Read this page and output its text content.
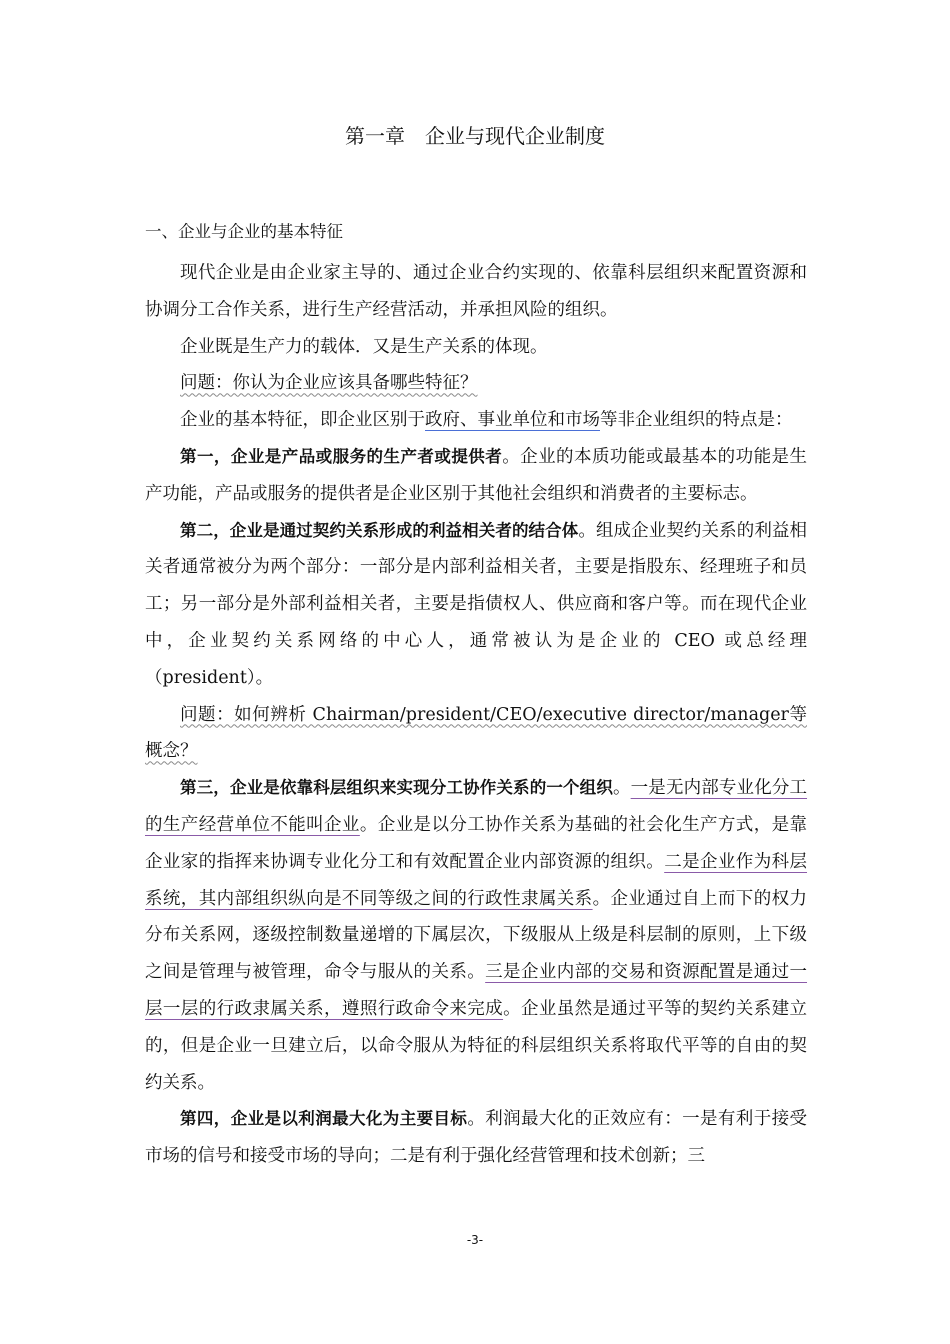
第一章　企业与现代企业制度
一、企业与企业的基本特征

现代企业是由企业家主导的、通过企业合约实现的、依靠科层组织来配置资源和协调分工合作关系，进行生产经营活动，并承担风险的组织。

企业既是生产力的载体．又是生产关系的体现。

问题：你认为企业应该具备哪些特征？

企业的基本特征，即企业区别于政府、事业单位和市场等非企业组织的特点是：

第一，企业是产品或服务的生产者或提供者。企业的本质功能或最基本的功能是生产功能，产品或服务的提供者是企业区别于其他社会组织和消费者的主要标志。

第二，企业是通过契约关系形成的利益相关者的结合体。组成企业契约关系的利益相关者通常被分为两个部分：一部分是内部利益相关者，主要是指股东、经理班子和员工；另一部分是外部利益相关者，主要是指债权人、供应商和客户等。而在现代企业中，企业契约关系网络的中心人，通常被认为是企业的 CEO 或总经理（president）。

问题：如何辨析 Chairman/president/CEO/executive director/manager等概念？

第三，企业是依靠科层组织来实现分工协作关系的一个组织。一是无内部专业化分工的生产经营单位不能叫企业。企业是以分工协作关系为基础的社会化生产方式，是靠企业家的指挥来协调专业化分工和有效配置企业内部资源的组织。二是企业作为科层系统，其内部组织纵向是不同等级之间的行政性隶属关系。企业通过自上而下的权力分布关系网，逐级控制数量递增的下属层次，下级服从上级是科层制的原则，上下级之间是管理与被管理，命令与服从的关系。三是企业内部的交易和资源配置是通过一层一层的行政隶属关系，遵照行政命令来完成。企业虽然是通过平等的契约关系建立的，但是企业一旦建立后，以命令服从为特征的科层组织关系将取代平等的自由的契约关系。

第四，企业是以利润最大化为主要目标。利润最大化的正效应有：一是有利于接受市场的信号和接受市场的导向；二是有利于强化经营管理和技术创新；三

-3-
